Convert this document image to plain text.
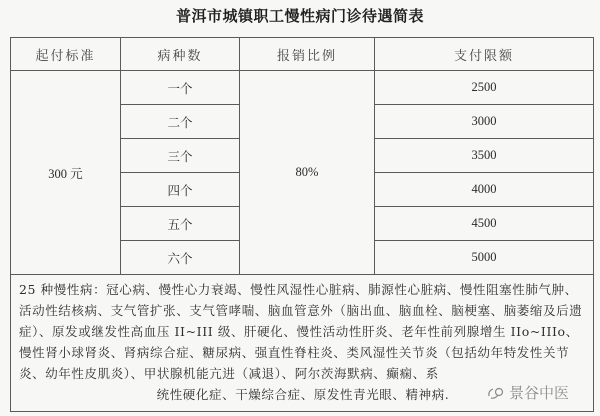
普洱市城镇职工慢性病门诊待遇简表
起付标准	病种数	报销比例	支付限额
300 元	一个	80%	2500
	二个		3000
	三个		3500
	四个		4000
	五个		4500
	六个		5000
25 种慢性病：冠心病、慢性心力衰竭、慢性风湿性心脏病、肺源性心脏病、慢性阻塞性肺气肿、活动性结核病、支气管扩张、支气管哮喘、脑血管意外（脑出血、脑血栓、脑梗塞、脑萎缩及后遗症）、原发或继发性高血压 II~III 级、肝硬化、慢性活动性肝炎、老年性前列腺增生 IIo~IIIo、慢性肾小球肾炎、肾病综合症、糖尿病、强直性脊柱炎、类风湿性关节炎（包括幼年特发性关节炎、幼年性皮肌炎）、甲状腺机能亢进（减退）、阿尔茨海默病、癫痫、系
统性硬化症、干燥综合症、原发性青光眼、精神病.				景谷中医
